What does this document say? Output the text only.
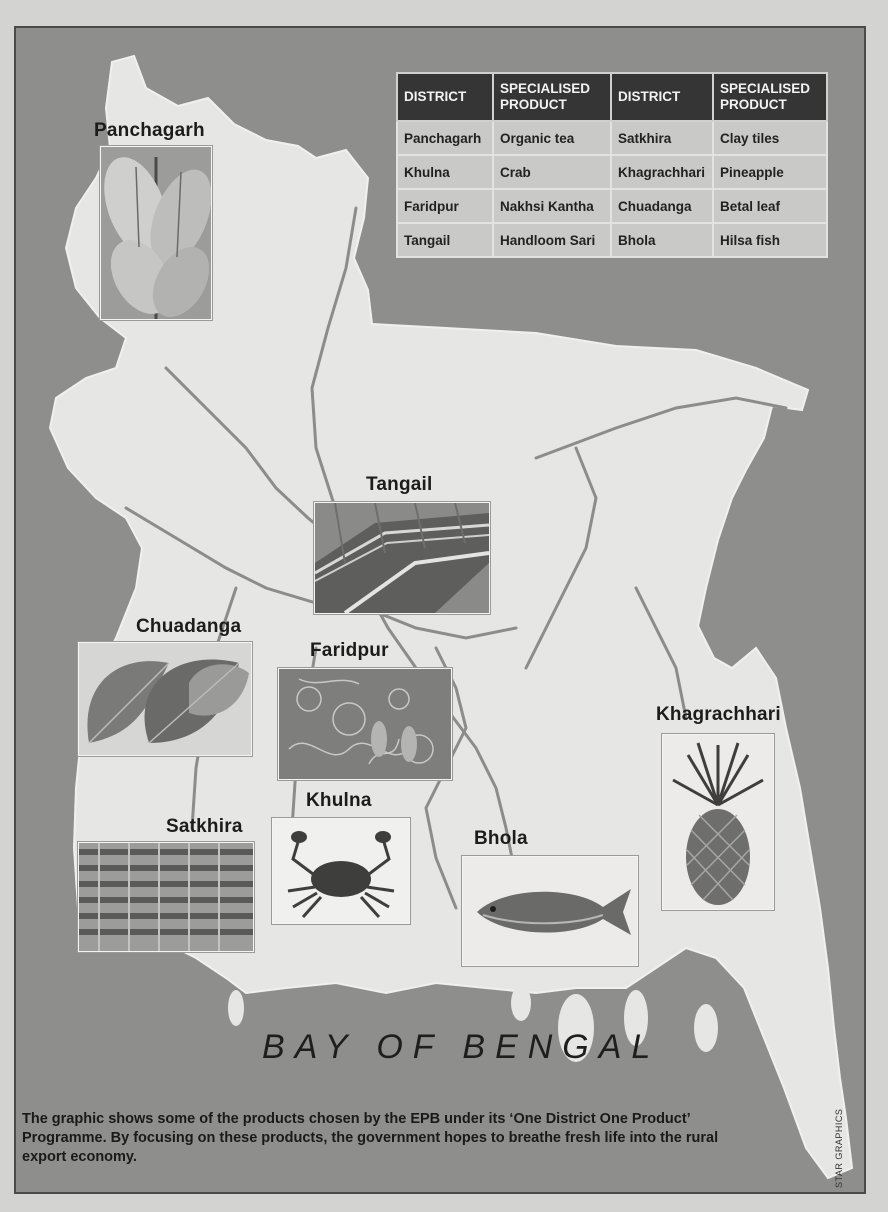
DISTRICT	SPECIALISED PRODUCT	DISTRICT	SPECIALISED PRODUCT
Panchagarh	Organic tea	Satkhira	Clay tiles
Khulna	Crab	Khagrachhari	Pineapple
Faridpur	Nakhsi Kantha	Chuadanga	Betal leaf
Tangail	Handloom Sari	Bhola	Hilsa fish
Panchagarh
Tangail
Chuadanga
Faridpur
Khagrachhari
Satkhira
Khulna
Bhola
BAY OF BENGAL
The graphic shows some of the products chosen by the EPB under its ‘One District One Product’ Programme. By focusing on these products, the government hopes to breathe fresh life into the rural export economy.	STAR GRAPHICS
